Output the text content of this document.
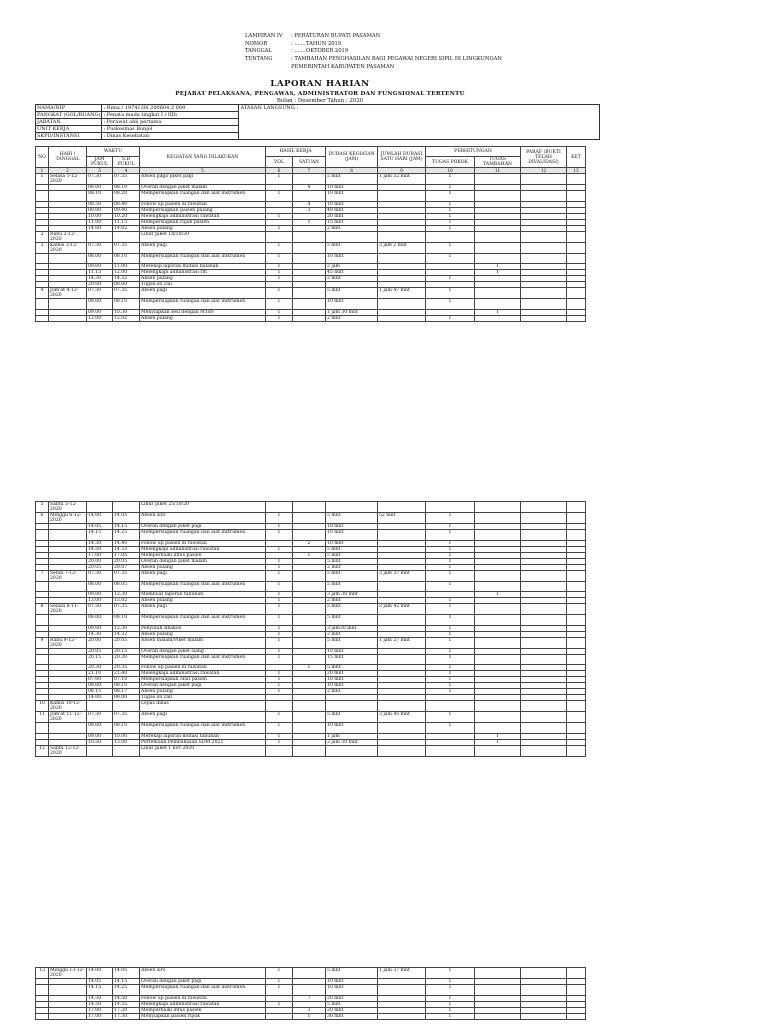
LAMPIRAN IV	: PERATURAN BUPATI PASAMAN
NOMOR	: .......TAHUN 2019
TANGGAL	: .......OKTOBER 2019
TENTANG	: TAMBAHAN PENGHASILAN BAGI PEGAWAI NEGERI SIPIL DI LINGKUNGAN
PEMERINTAH KABUPATEN PASAMAN
LAPORAN HARIAN
PEJABAT PELAKSANA, PENGAWAS, ADMINISTRATOR DAN FUNGSIONAL TERTENTU
Bulan : Desember Tahun : 2020
NAMA/NIP	: Rima / 1974130i 200604 2 009	ATASAN LANGSUNG :
PANGKAT (GOL/RUANG)	: Penata muda tingkat I / IIIb	
JABATAN	: Perawat ahli pertama	
UNIT KERJA	: Puskesmas Bonjol	
SKPD/INSTANSI	: Dinas Kesehatan	
NO	HARI / TANGGAL	WAKTU		KEGIATAN YANG DILAKUKAN	HASIL KERJA		DURASI KEGIATAN (JAM)	JUMLAH DURASI SATU HARI (JAM)	PERHITUNGAN		PARAF (BUKTI TELAH DIVALIDASI)	KET
		JAM PUKUL	S.D PUKUL		VOL	SATUAN			TUGAS POKOK	TUGAS TAMBAHAN		
1	2	3	4	5	6	7	8	9	10	11	12	13
1	Selasa 1-12-2020	07.30	07.35	Absen pagi/ piket pagi	1		5 mnt	1 jam 52 mnt	1			
		08.00	08.10	Overan dengan piket malam		4	10 mnt		1			
		08.10	08.20	Mempersiapkan ruangan dan alat instrumen	1		10 mnt		1			
		08.30	08.40	Follow up pasien di rawatan		4	10 mnt		1			
		09.00	09.40	Mempersiapkan pasien pulang		3	40 mnt		1			
		10.00	10.20	Melengkapi administrasi rawatan	1		20 mnt		1			
		11.00	11.15	Mempersiapkan rujuk pasien		1	15 mnt		1			
		14.00	14.02	Absen pulang	1		2 mnt		1			
2	Rabu 2-12-2020			Libur piket 18/10/20								
3	Kamis 3-12-2020	07.30	07.35	Absen pagi	1		5 mnt	3 jam 2 mnt	1			
		08.00	08.10	Mempersiapkan ruangan dan alat instrumen	1		10 mnt		1			
		09.00	11.00	Merekap laporan mutasi bulanan	1		2 jam			1		
		11.15	12.00	Melengkapi administrasi rm	1		45 mnt			1		
		14.30	14.32	Absen pulang	1		2 mnt		1			
		20.00	08.00	Tugas on call								
4	Jum'at 4-12-2020	07.30	07.35	Absen pagi	1		5 mnt	1 jam 47 mnt	1			
		08.00	08.10	Mempersiapkan ruangan dan alat instrumen	1		10 mnt		1			
		09.00	10.30	Menyiapkan sesi dengan MTsN	1		1 jam 30 mnt			1		
		12.00	12.02	Absen pulang	1		2 mnt		1			
5	Sabtu 5-12-2020			Libur piket 25/10/20								
6	Minggu 6-12-2020	14.00	14.05	Absen siro	1		5 mnt	52 mnt	1			
		14.05	14.15	Overan dengan piket pagi	1		10 mnt		1			
		14.15	14.25	Mempersiapkan ruangan dan alat instrumen	1		10 mnt		1			
		14.30	14.40	Follow up pasien di rawatan		2	10 mnt		1			
		14.50	14.55	Melengkapi administrasi rawatan	1		5 mnt		1			
		17.00	17.05	Memperbaiki infus pasien		1	5 mnt		1			
		20.00	20.05	Overan dengan piket malam	1		5 mnt		1			
		20.05	20.07	Absen pulang	1		2 mnt		1			
7	Senin 7-12-2020	07.30	07.35	Absen pagi	1		5 mnt	3 jam 37 mnt	1			
		08.00	08.05	Mempersiapkan ruangan dan alat instrumen	1		5 mnt		1			
		09.00	12.30	Membuat laporan tahunan	1		3 jam 30 mnt			1		
		13.00	13.02	Absen pulang	1		2 mnt		1			
8	Selasa 8-11-2020	07.30	07.35	Absen pagi	1		5 mnt	3 jam 42 mnt	1			
		08.00	08.10	Mempersiapkan ruangan dan alat instrumen	1		5 mnt		1			
		09.00	12.30	Penyuluh Bhakus	1		3 jam30 mnt		1			
		14.30	14.32	Absen pulang	1		2 mnt		1			
9	Rabu 9-12-2020	20.00	20.05	Absen malam/Piket malam	1		5 mnt	1 jam 27 mnt	1			
		20.05	20.15	Overan dengan piket siang	1		10 mnt		1			
		20.15	20.30	Mempersiapkan ruangan dan alat instrumen	1		15 mnt		1			
		20.30	20.35	Follow up pasien di rawatan		1	5 mnt		1			
		21.10	21.40	Melengkapi administrasi rawatan	1		20 mnt		1			
		07.00	07.10	Mempersiapkan obat pasien	1		10 mnt		1			
		08.00	08.10	Overan dengan piket pagi	1		10 mnt		1			
		08.15	08.17	Absen pulang	1		2 mnt		1			
		14.00	08.00	Tugas on call								
10	Kamis 10-12-2020			Lepas dinas								
11	Jum'at 11-12-2020	07.30	07.35	Absen pagi	1		5 mnt	3 jam 45 mnt	1			
		08.00	08.10	Mempersiapkan ruangan dan alat instrumen	1		10 mnt		1			
		09.00	10.00	Merekap laporan mutasi tahunan	1		1 jam			1		
		10.30	13.00	Pertemuan Pembahasan SDM 2021	1		2 jam 30 mnt			1		
12	Sabtu 12-12-2020			Libur piket 1 nov 2020								
13	Minggu 13-12-2020	14.00	14.05	Absen siro	1		5 mnt	1 jam 37 mnt	1			
		14.05	14.15	Overan dengan piket pagi	1		10 mnt		1			
		14.15	14.25	Mempersiapkan ruangan dan alat instrumen	1		10 mnt		1			
		14.30	14.50	Follow up pasien di rawatan		7	20 mnt		1			
		14.50	14.55	Melengkapi administrasi rawatan	1		5 mnt		1			
		17.00	17.20	Memperbaiki infus pasien		3	20 mnt		1			
		17.00	17.30	Menyiapkan pasien rujuk		1	30 mnt		1			
